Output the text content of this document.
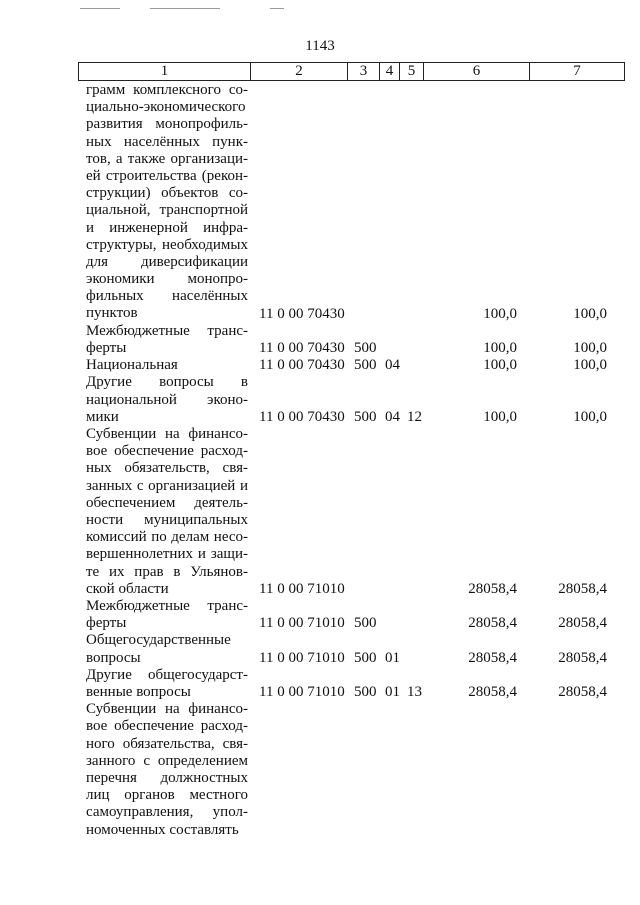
1143
1	2	3	4	5	6	7
грамм комплексного со-
циально-экономического
развития монопрофиль-
ных населённых пунк-
тов, а также организаци-
ей строительства (рекон-
струкции) объектов со-
циальной, транспортной
и инженерной инфра-
структуры, необходимых
для диверсификации
экономики монопро-
фильных населённых
пунктов	11 0 00 70430	100,0	100,0
Межбюджетные транс-
ферты	11 0 00 70430 500	100,0	100,0
Национальная	11 0 00 70430 500 04	100,0	100,0
Другие вопросы в
национальной эконо-
мики	11 0 00 70430 500 04 12	100,0	100,0
Субвенции на финансо-
вое обеспечение расход-
ных обязательств, свя-
занных с организацией и
обеспечением деятель-
ности муниципальных
комиссий по делам несо-
вершеннолетних и защи-
те их прав в Ульянов-
ской области	11 0 00 71010	28058,4	28058,4
Межбюджетные транс-
ферты	11 0 00 71010 500	28058,4	28058,4
Общегосударственные
вопросы	11 0 00 71010 500 01	28058,4	28058,4
Другие общегосударст-
венные вопросы	11 0 00 71010 500 01 13	28058,4	28058,4
Субвенции на финансо-
вое обеспечение расход-
ного обязательства, свя-
занного с определением
перечня должностных
лиц органов местного
самоуправления, упол-
номоченных составлять
